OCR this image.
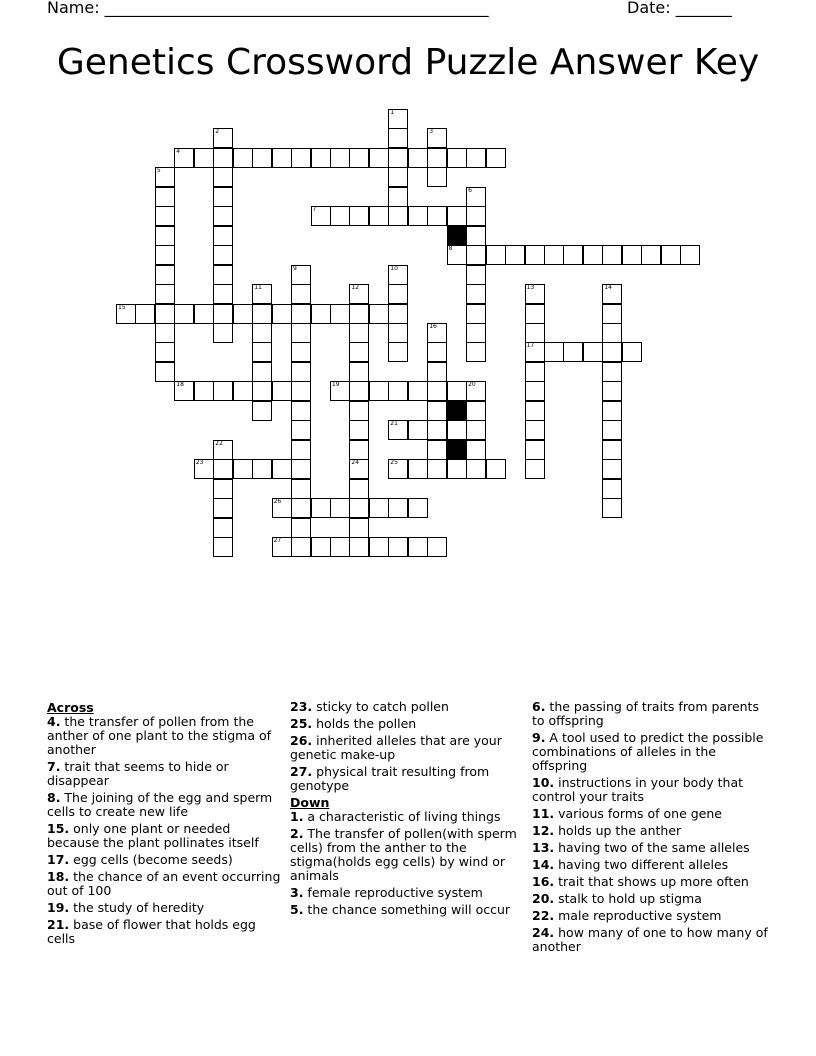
Name: ________________________________________________	Date: _______
Genetics Crossword Puzzle Answer Key
1
2	3
4
5
6
7
8
9	10
11	12	13
17
14
15
16
18	19	20
21
22
23	24	25
26
27
Across
4. the transfer of pollen from the anther of one plant to the stigma of another
7. trait that seems to hide or disappear
8. The joining of the egg and sperm cells to create new life
15. only one plant or needed because the plant pollinates itself
17. egg cells (become seeds)
18. the chance of an event occurring out of 100
19. the study of heredity
21. base of flower that holds egg cells
23. sticky to catch pollen
25. holds the pollen
26. inherited alleles that are your genetic make-up
27. physical trait resulting from genotype
Down
1. a characteristic of living things
2. The transfer of pollen(with sperm cells) from the anther to the stigma(holds egg cells) by wind or animals
3. female reproductive system
5. the chance something will occur
6. the passing of traits from parents to offspring
9. A tool used to predict the possible combinations of alleles in the offspring
10. instructions in your body that control your traits
11. various forms of one gene
12. holds up the anther
13. having two of the same alleles
14. having two different alleles
16. trait that shows up more often
20. stalk to hold up stigma
22. male reproductive system
24. how many of one to how many of another
